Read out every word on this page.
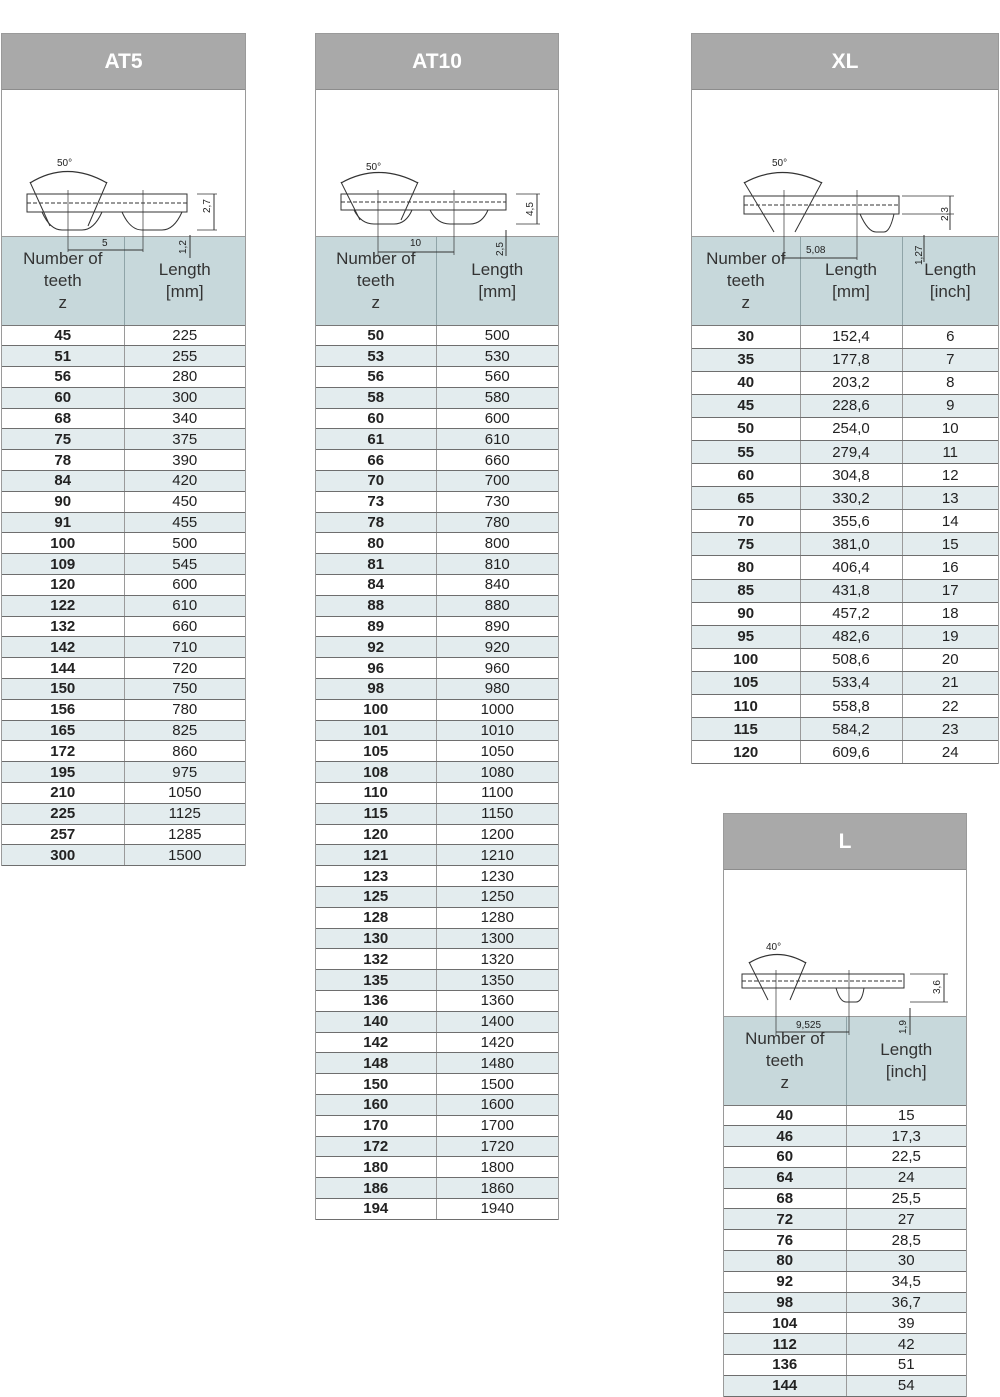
AT5
50°
5
2,7
1,2
Number of
teeth
z	Length
[mm]
45	225
51	255
56	280
60	300
68	340
75	375
78	390
84	420
90	450
91	455
100	500
109	545
120	600
122	610
132	660
142	710
144	720
150	750
156	780
165	825
172	860
195	975
210	1050
225	1125
257	1285
300	1500
AT10
50°
10
4,5
2,5
Number of
teeth
z	Length
[mm]
50	500
53	530
56	560
58	580
60	600
61	610
66	660
70	700
73	730
78	780
80	800
81	810
84	840
88	880
89	890
92	920
96	960
98	980
100	1000
101	1010
105	1050
108	1080
110	1100
115	1150
120	1200
121	1210
123	1230
125	1250
128	1280
130	1300
132	1320
135	1350
136	1360
140	1400
142	1420
148	1480
150	1500
160	1600
170	1700
172	1720
180	1800
186	1860
194	1940
XL
50°
5,08
2,3
1,27
Number of
teeth
z	Length
[mm]	Length
[inch]
30	152,4	6
35	177,8	7
40	203,2	8
45	228,6	9
50	254,0	10
55	279,4	11
60	304,8	12
65	330,2	13
70	355,6	14
75	381,0	15
80	406,4	16
85	431,8	17
90	457,2	18
95	482,6	19
100	508,6	20
105	533,4	21
110	558,8	22
115	584,2	23
120	609,6	24
L
40°
9,525
3,6
1,9
Number of
teeth
z	Length
[inch]
40	15
46	17,3
60	22,5
64	24
68	25,5
72	27
76	28,5
80	30
92	34,5
98	36,7
104	39
112	42
136	51
144	54
